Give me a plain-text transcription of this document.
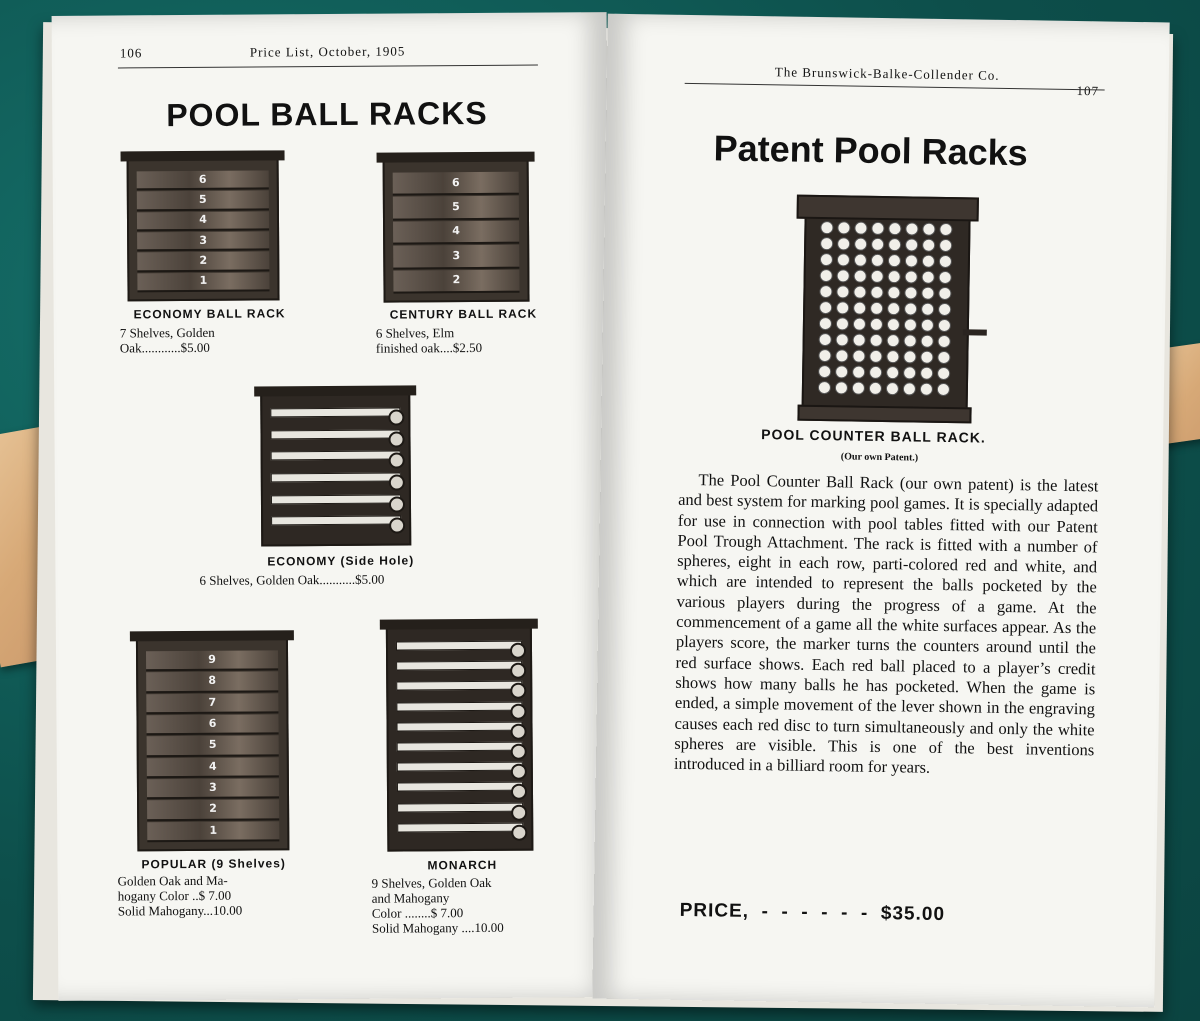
106	Price List, October, 1905
POOL BALL RACKS
6
5
4
3
2
1
ECONOMY BALL RACK
7 Shelves, Golden
Oak............$5.00
6
5
4
3
2
CENTURY BALL RACK
6 Shelves, Elm
finished oak....$2.50
ECONOMY (Side Hole)
6 Shelves, Golden Oak...........$5.00
9
8
7
6
5
4
3
2
1
POPULAR (9 Shelves)
Golden Oak and Ma-
hogany Color ..$ 7.00
Solid Mahogany...10.00
MONARCH
9 Shelves, Golden Oak
and Mahogany
Color ........$ 7.00
Solid Mahogany ....10.00
The Brunswick-Balke-Collender Co.
107
Patent Pool Racks
POOL COUNTER BALL RACK.
(Our own Patent.)
The Pool Counter Ball Rack (our own patent) is the latest and best system for marking pool games. It is specially adapted for use in connection with pool tables fitted with our Patent Pool Trough Attachment. The rack is fitted with a number of spheres, eight in each row, parti-colored red and white, and which are intended to represent the balls pocketed by the various players during the progress of a game. At the commencement of a game all the white surfaces appear. As the players score, the marker turns the counters around until the red surface shows. Each red ball placed to a player’s credit shows how many balls he has pocketed. When the game is ended, a simple movement of the lever shown in the engraving causes each red disc to turn simultaneously and only the white spheres are visible. This is one of the best inventions introduced in a billiard room for years.
PRICE,  -  -  -  -  -  -  $35.00
